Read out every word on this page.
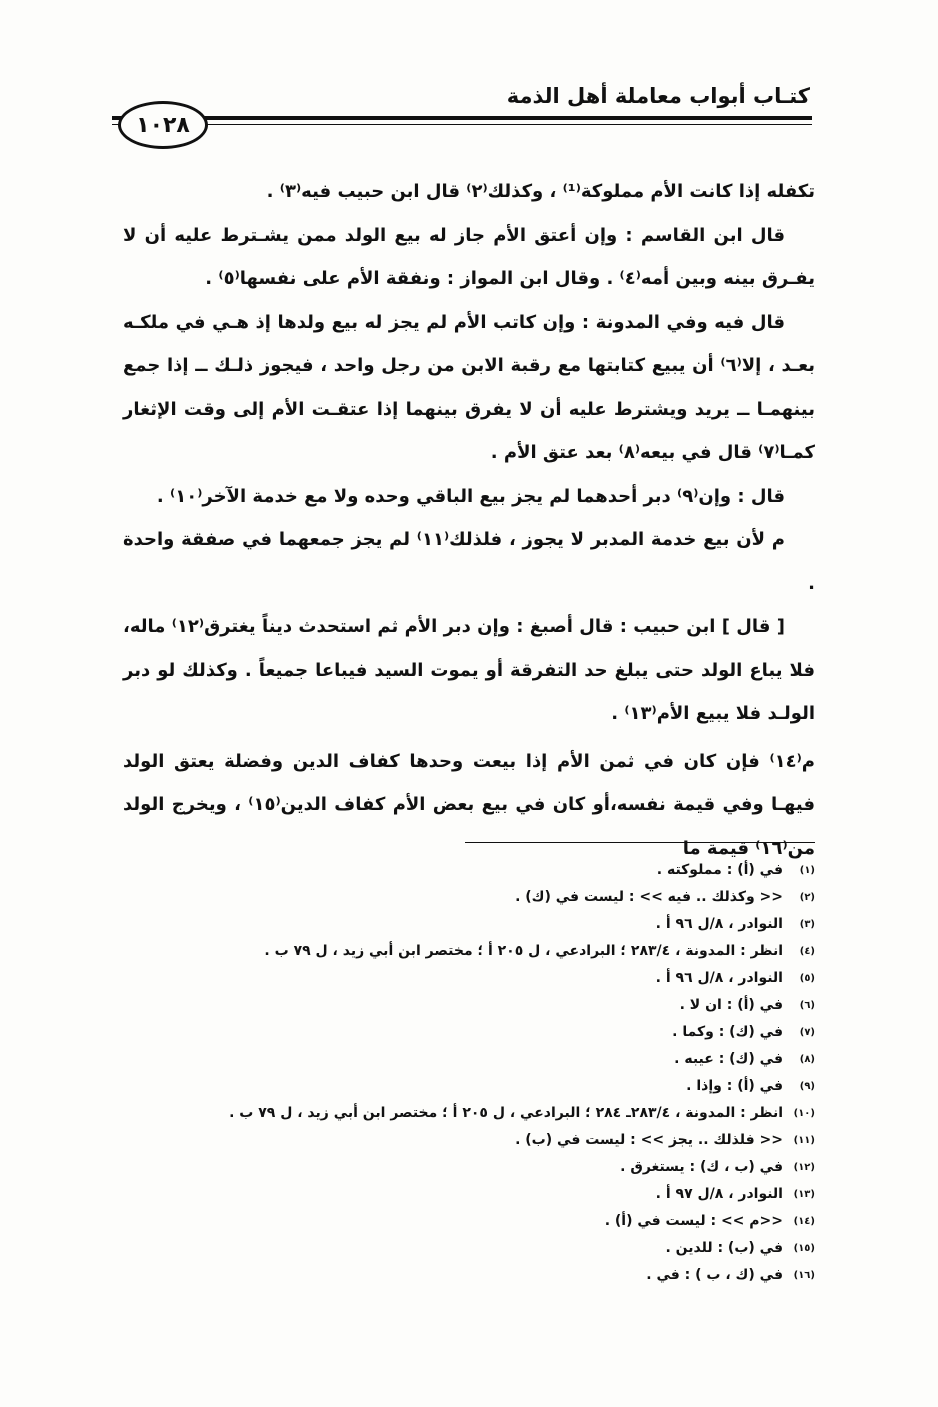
كتـاب أبواب معاملة أهل الذمة
١٠٢٨

تكفله إذا كانت الأم مملوكة⁽¹⁾ ، وكذلك⁽٢⁾ قال ابن حبيب فيه⁽٣⁾ .

قال ابن القاسم : وإن أعتق الأم جاز له بيع الولد ممن يشـترط عليه أن لا يفـرق بينه وبين أمه⁽٤⁾ . وقال ابن المواز : ونفقة الأم على نفسها⁽٥⁾ .

قال فيه وفي المدونة : وإن كاتب الأم لم يجز له بيع ولدها إذ هـي في ملكـه بعـد ، إلا⁽٦⁾ أن يبيع كتابتها مع رقبة الابن من رجل واحد ، فيجوز ذلـك ــ إذا جمع بينهمـا ــ يريد ويشترط عليه أن لا يفرق بينهما إذا عتقـت الأم إلى وقت الإثغار كمـا⁽٧⁾ قال في بيعه⁽٨⁾ بعد عتق الأم .

قال : وإن⁽٩⁾ دبر أحدهما لم يجز بيع الباقي وحده ولا مع خدمة الآخر⁽١٠⁾ .

م لأن بيع خدمة المدبر لا يجوز ، فلذلك⁽١١⁾ لم يجز جمعهما في صفقة واحدة .

[ قال ] ابن حبيب : قال أصبغ : وإن دبر الأم ثم استحدث ديناً يغترق⁽١٢⁾ ماله، فلا يباع الولد حتى يبلغ حد التفرقة أو يموت السيد فيباعا جميعاً . وكذلك لو دبر الولـد فلا يبيع الأم⁽١٣⁾ .

م⁽١٤⁾ فإن كان في ثمن الأم إذا بيعت وحدها كفاف الدين وفضلة يعتق الولد فيهـا وفي قيمة نفسه،أو كان في بيع بعض الأم كفاف الدين⁽١٥⁾ ، ويخرج الولد من⁽١٦⁾ قيمة ما

(١)
في (أ) : مملوكته .
(٢)
<< وكذلك .. فيه >> : ليست في (ك) .
(٣)
النوادر ، ٨/ل ٩٦ أ .
(٤)
انظر : المدونة ، ٢٨٣/٤ ؛ البرادعي ، ل ٢٠٥ أ ؛ مختصر ابن أبي زيد ، ل ٧٩ ب .
(٥)
النوادر ، ٨/ل ٩٦ أ .
(٦)
في (أ) : ان لا .
(٧)
في (ك) : وكما .
(٨)
في (ك) : عيبه .
(٩)
في (أ) : وإذا .
(١٠)
انظر : المدونة ، ٢٨٣/٤ـ ٢٨٤ ؛ البرادعي ، ل ٢٠٥ أ ؛ مختصر ابن أبي زيد ، ل ٧٩ ب .
(١١)
<< فلذلك .. يجز >> : ليست في (ب) .
(١٢)
في (ب ، ك) : يستغرق .
(١٣)
النوادر ، ٨/ل ٩٧ أ .
(١٤)
<<م >> : ليست في (أ) .
(١٥)
في (ب) : للدين .
(١٦)
في (ك ، ب ) : في .
